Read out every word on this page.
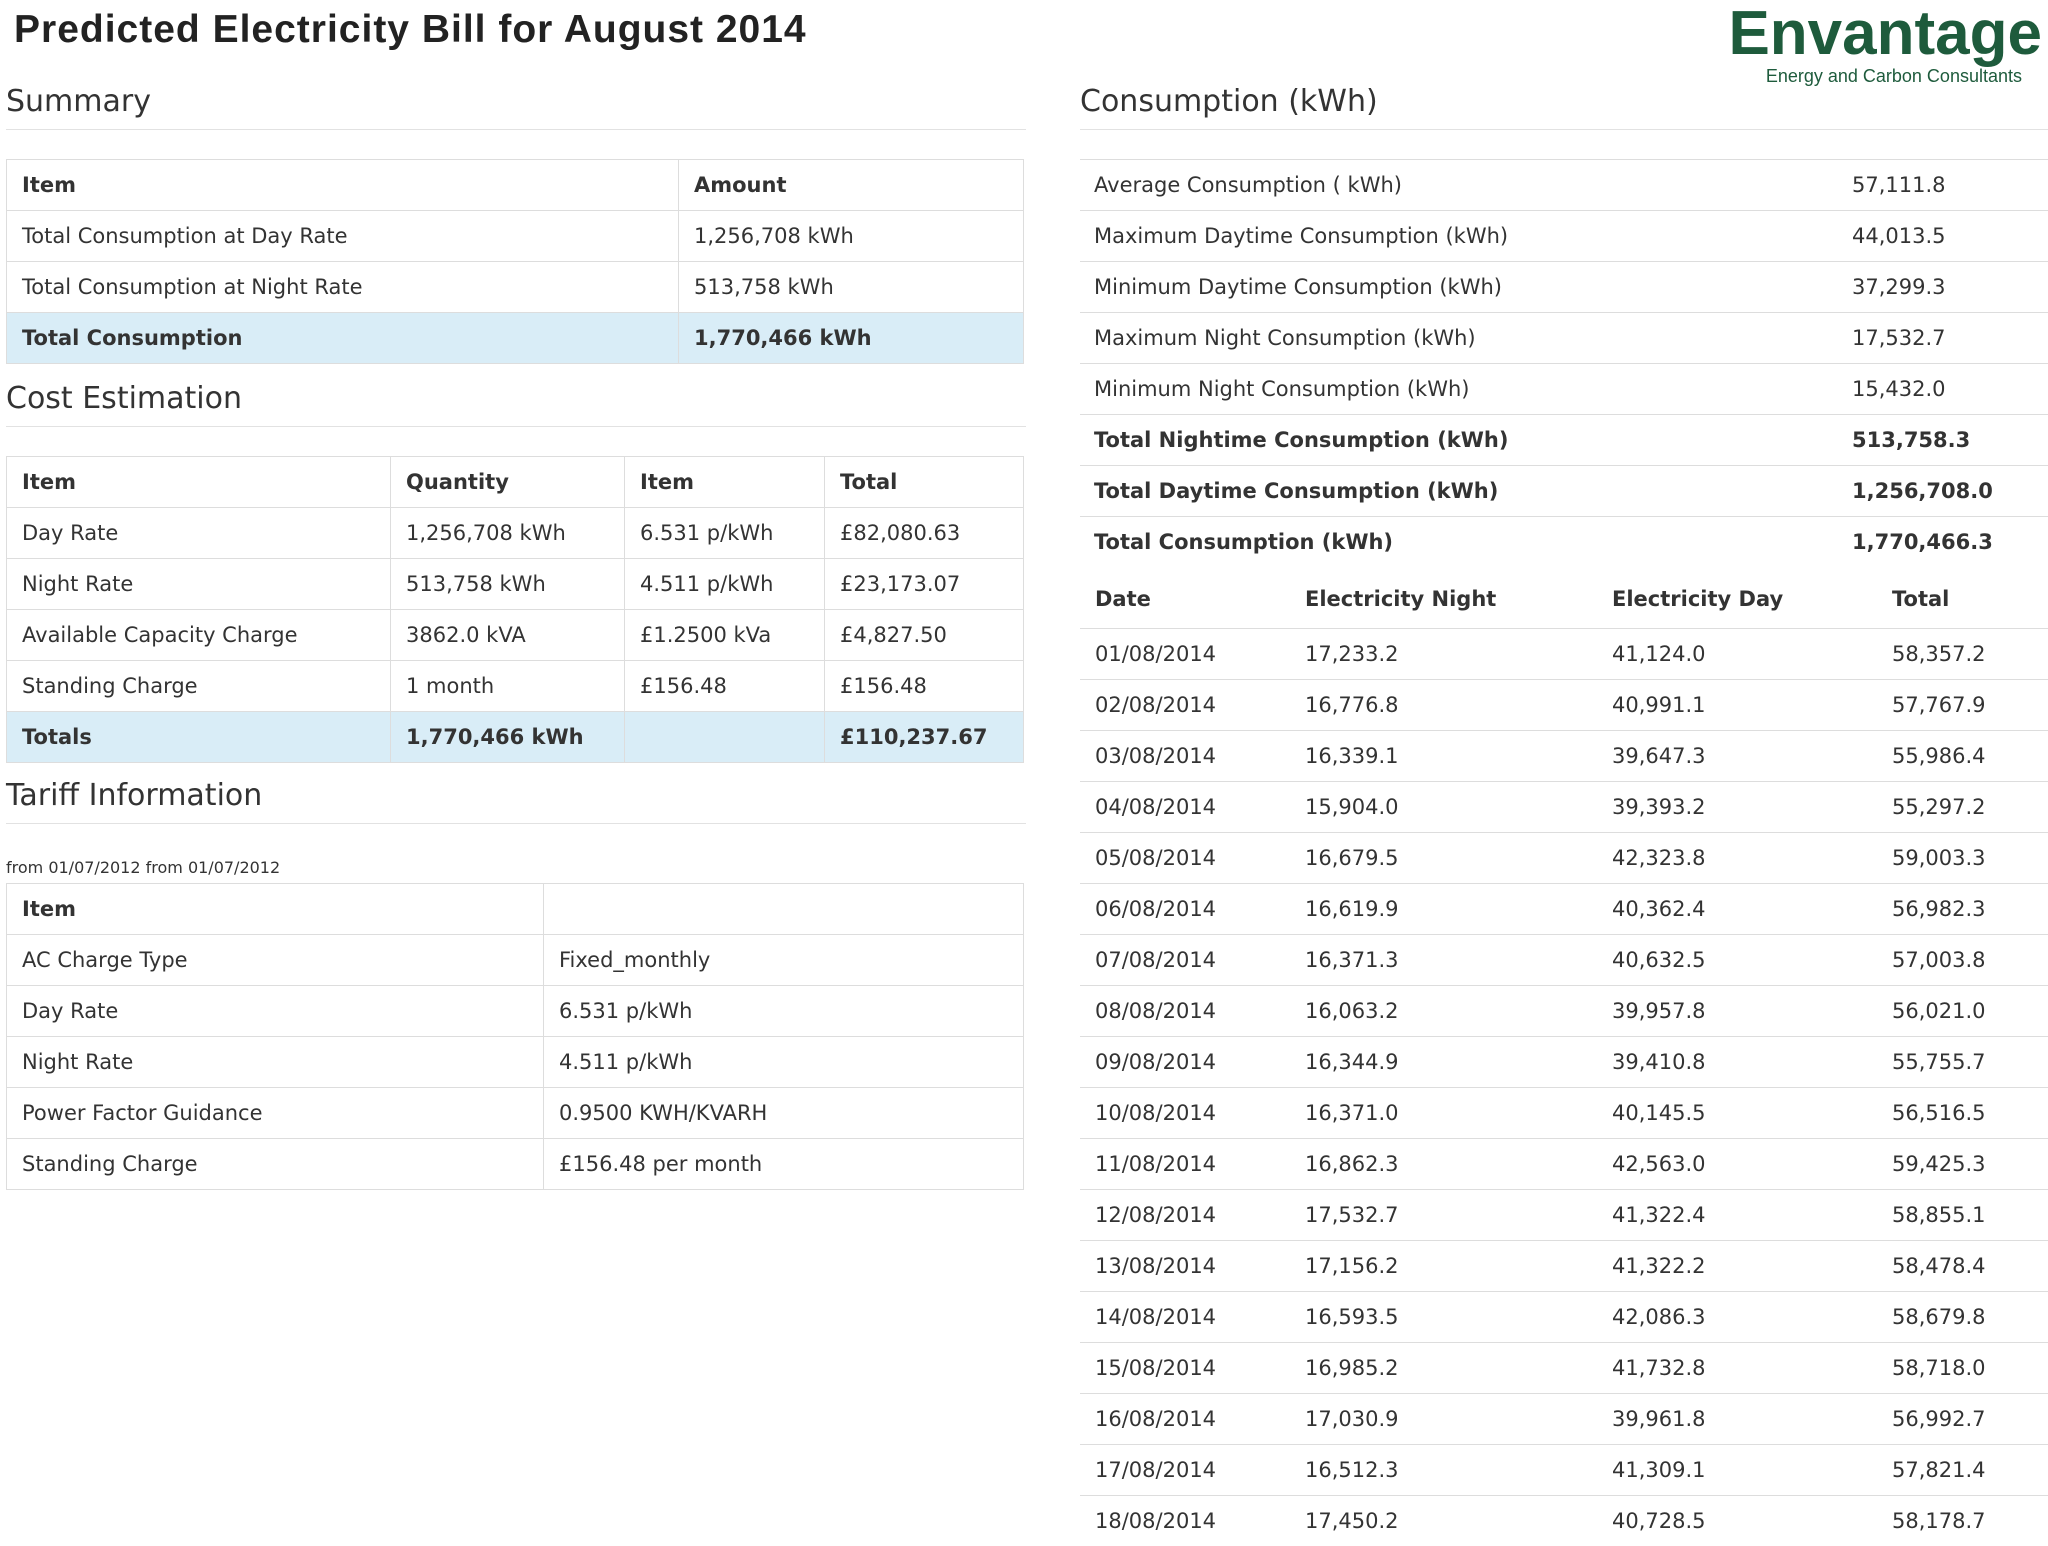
Predicted Electricity Bill for August 2014	Envantage
Energy and Carbon Consultants
Summary
Item	Amount
Total Consumption at Day Rate	1,256,708 kWh
Total Consumption at Night Rate	513,758 kWh
Total Consumption	1,770,466 kWh
Cost Estimation
Item	Quantity	Item	Total
Day Rate	1,256,708 kWh	6.531 p/kWh	£82,080.63
Night Rate	513,758 kWh	4.511 p/kWh	£23,173.07
Available Capacity Charge	3862.0 kVA	£1.2500 kVa	£4,827.50
Standing Charge	1 month	£156.48	£156.48
Totals	1,770,466 kWh		£110,237.67
Tariff Information
from 01/07/2012 from 01/07/2012
Item	
AC Charge Type	Fixed_monthly
Day Rate	6.531 p/kWh
Night Rate	4.511 p/kWh
Power Factor Guidance	0.9500 KWH/KVARH
Standing Charge	£156.48 per month
Consumption (kWh)
Average Consumption ( kWh)	57,111.8
Maximum Daytime Consumption (kWh)	44,013.5
Minimum Daytime Consumption (kWh)	37,299.3
Maximum Night Consumption (kWh)	17,532.7
Minimum Night Consumption (kWh)	15,432.0
Total Nightime Consumption (kWh)	513,758.3
Total Daytime Consumption (kWh)	1,256,708.0
Total Consumption (kWh)	1,770,466.3
Date	Electricity Night	Electricity Day	Total
01/08/2014	17,233.2	41,124.0	58,357.2
02/08/2014	16,776.8	40,991.1	57,767.9
03/08/2014	16,339.1	39,647.3	55,986.4
04/08/2014	15,904.0	39,393.2	55,297.2
05/08/2014	16,679.5	42,323.8	59,003.3
06/08/2014	16,619.9	40,362.4	56,982.3
07/08/2014	16,371.3	40,632.5	57,003.8
08/08/2014	16,063.2	39,957.8	56,021.0
09/08/2014	16,344.9	39,410.8	55,755.7
10/08/2014	16,371.0	40,145.5	56,516.5
11/08/2014	16,862.3	42,563.0	59,425.3
12/08/2014	17,532.7	41,322.4	58,855.1
13/08/2014	17,156.2	41,322.2	58,478.4
14/08/2014	16,593.5	42,086.3	58,679.8
15/08/2014	16,985.2	41,732.8	58,718.0
16/08/2014	17,030.9	39,961.8	56,992.7
17/08/2014	16,512.3	41,309.1	57,821.4
18/08/2014	17,450.2	40,728.5	58,178.7
